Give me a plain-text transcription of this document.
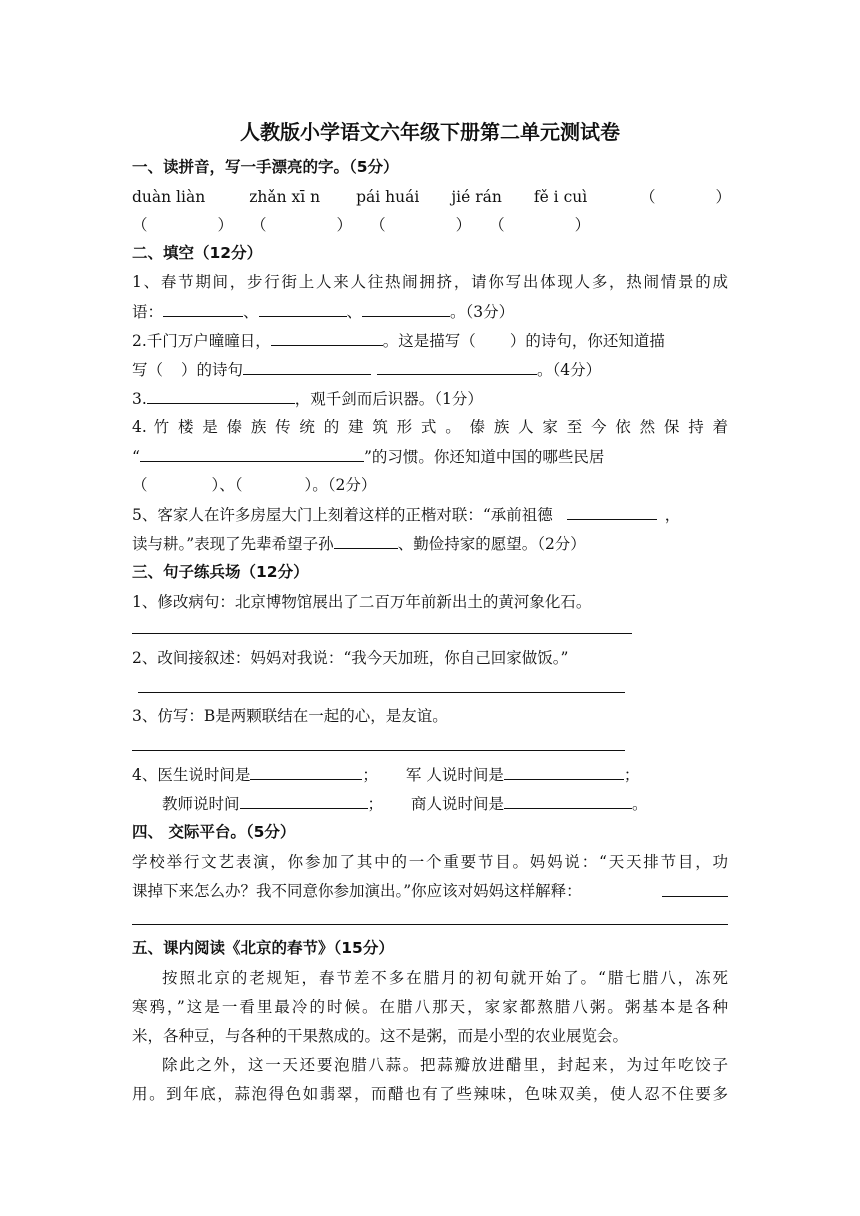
人教版小学语文六年级下册第二单元测试卷
一、读拼音，写一手漂亮的字。（5分）
duàn liàn	zhǎn xī n pái huái jié rán fě i cuì	（	）
（	） （	） （	） （	）
二、填空（12分）
1、春节期间，步行街上人来人往热闹拥挤，请你写出体现人多，热闹情景的成
语：	、	、	。（3分）
2.千门万户曈曈日，	。这是描写（ ）的诗句，你还知道描
写（ ）的诗句	。（4分）
3.	，观千剑而后识器。（1分）
4. 竹 楼 是 傣 族 传 统 的 建 筑 形 式 。 傣 族 人 家 至 今 依 然 保 持 着
“	”的习惯。你还知道中国的哪些民居
（	）、（	）。（2分）
5、客家人在许多房屋大门上刻着这样的正楷对联：“承前祖德	，
读与耕。”表现了先辈希望子孙	、勤俭持家的愿望。（2分）
三、句子练兵场（12分）
1、修改病句：北京博物馆展出了二百万年前新出土的黄河象化石。
2、改间接叙述：妈妈对我说：“我今天加班，你自己回家做饭。”
3、仿写：B是两颗联结在一起的心，是友谊。
4、医生说时间是	； 军 人说时间是	；
教师说时间	； 商人说时间是	。
四、 交际平台。（5分）
学校举行文艺表演，你参加了其中的一个重要节目。妈妈说：“天天排节目，功
课掉下来怎么办？我不同意你参加演出。”你应该对妈妈这样解释：
五、课内阅读《北京的春节》（15分）
按照北京的老规矩，春节差不多在腊月的初旬就开始了。“腊七腊八，冻死
寒鸦，”这是一看里最冷的时候。在腊八那天，家家都熬腊八粥。粥基本是各种
米，各种豆，与各种的干果熬成的。这不是粥，而是小型的农业展览会。
除此之外，这一天还要泡腊八蒜。把蒜瓣放进醋里，封起来，为过年吃饺子
用。到年底，蒜泡得色如翡翠，而醋也有了些辣味，色味双美，使人忍不住要多
